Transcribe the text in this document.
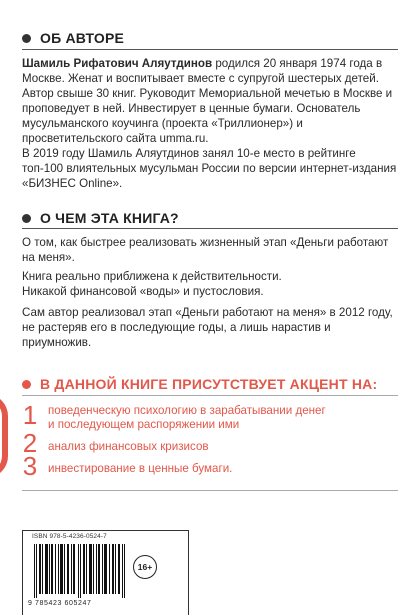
ОБ АВТОРЕ

Шамиль Рифатович Аляутдинов родился 20 января 1974 года в Москве. Женат и воспитывает вместе с супругой шестерых детей. Автор свыше 30 книг. Руководит Мемориальной мечетью в Москве и проповедует в ней. Инвестирует в ценные бумаги. Основатель мусульманского коучинга (проекта «Триллионер») и просветительского сайта umma.ru.

В 2019 году Шамиль Аляутдинов занял 10-е место в рейтинге топ-100 влиятельных мусульман России по версии интернет-издания «БИЗНЕС Online».

О ЧЕМ ЭТА КНИГА?

О том, как быстрее реализовать жизненный этап «Деньги работают на меня».

Книга реально приближена к действительности.
Никакой финансовой «воды» и пустословия.

Сам автор реализовал этап «Деньги работают на меня» в 2012 году, не растеряв его в последующие годы, а лишь нарастив и приумножив.

В ДАННОЙ КНИГЕ ПРИСУТСТВУЕТ АКЦЕНТ НА:
1 поведенческую психологию в зарабатывании денег
и последующем распоряжении ими
2 анализ финансовых кризисов
3 инвестирование в ценные бумаги.
ISBN 978-5-4236-0524-7
9 785423 605247
16+
